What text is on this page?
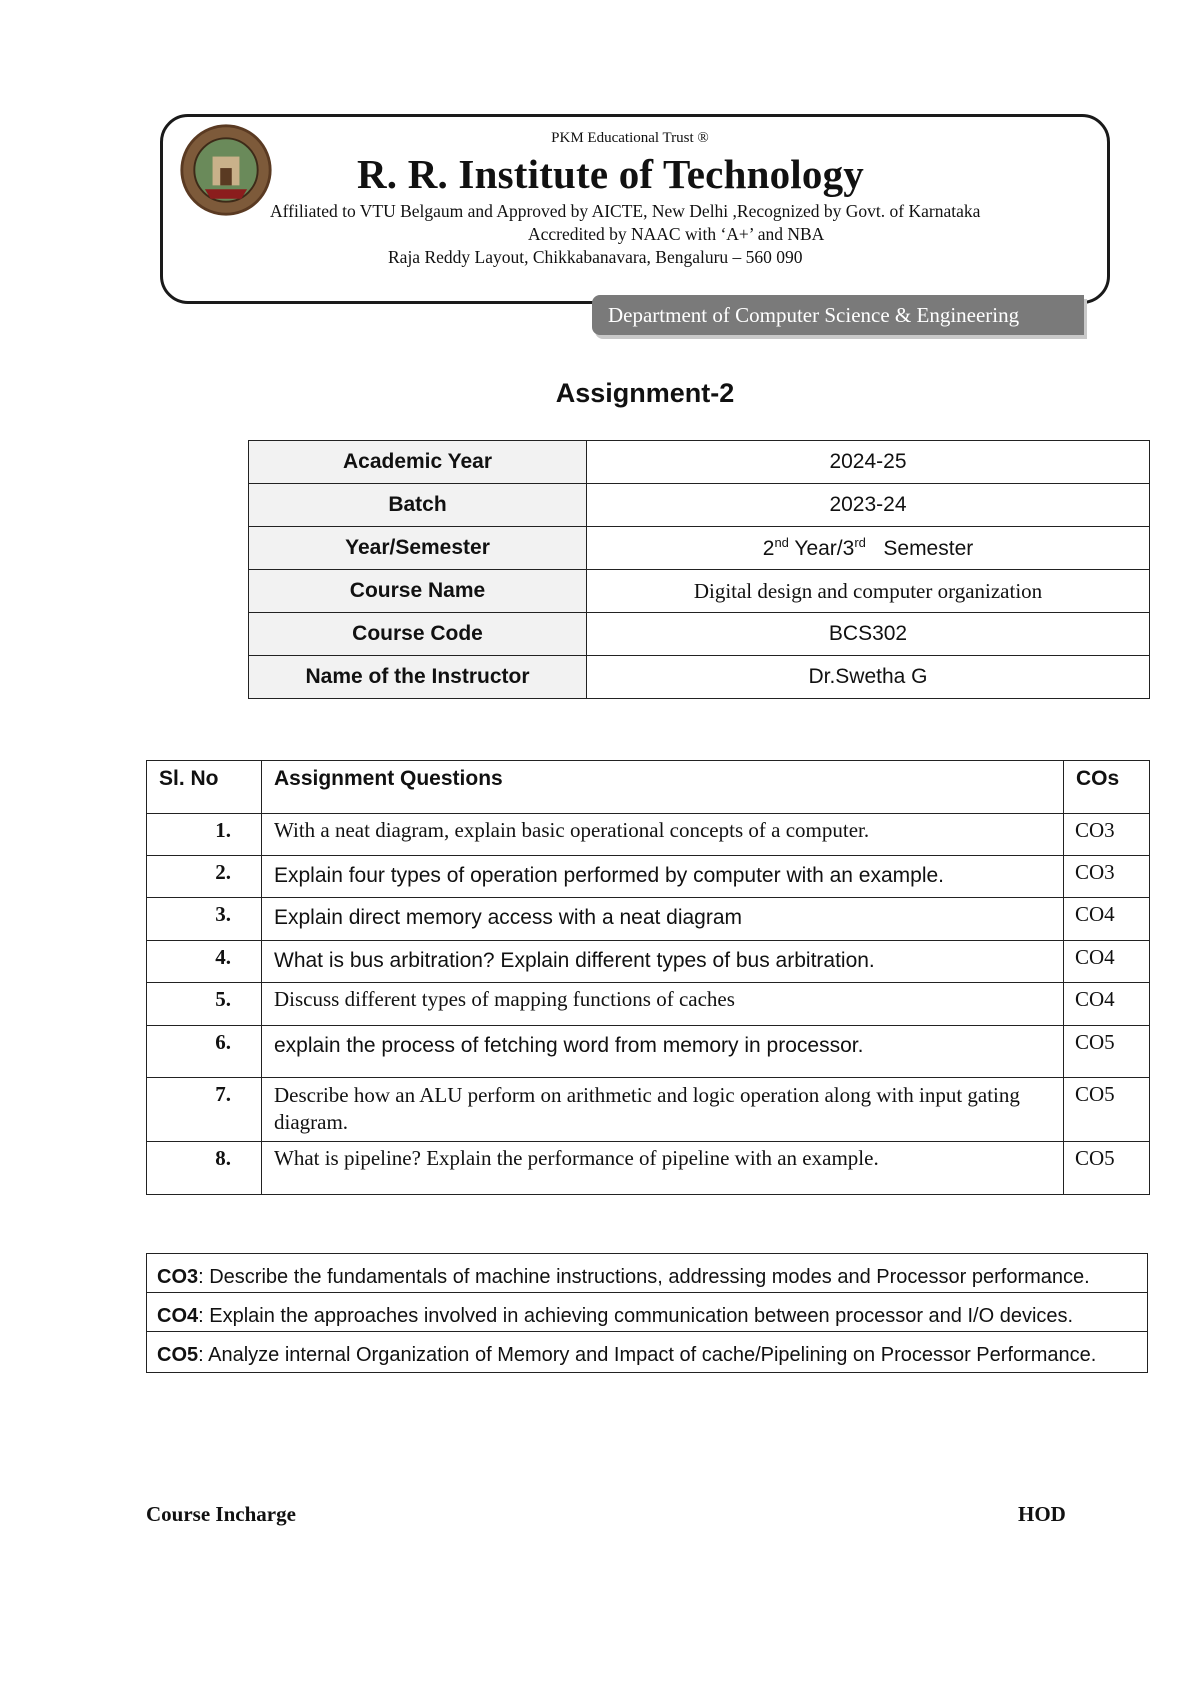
PKM Educational Trust ®
R. R. Institute of Technology
Affiliated to VTU Belgaum and Approved by AICTE, New Delhi ,Recognized by Govt. of Karnataka
Accredited by NAAC with ‘A+’ and NBA
Raja Reddy Layout, Chikkabanavara, Bengaluru – 560 090
Department of Computer Science & Engineering
Assignment-2
Academic Year	2024-25
Batch	2023-24
Year/Semester	2nd Year/3rd   Semester
Course Name	Digital design and computer organization
Course Code	BCS302
Name of the Instructor	Dr.Swetha G
Sl. No	Assignment Questions	COs
1.	With a neat diagram, explain basic operational concepts of a computer.	CO3
2.	Explain four types of operation performed by computer with an example.	CO3
3.	Explain direct memory access with a neat diagram	CO4
4.	What is bus arbitration? Explain different types of bus arbitration.	CO4
5.	Discuss different types of mapping functions of caches	CO4
6.	explain the process of fetching word from memory in processor.	CO5
7.	Describe how an ALU perform on arithmetic and logic operation along with input gating diagram.	CO5
8.	What is pipeline? Explain the performance of pipeline with an example.	CO5
CO3: Describe the fundamentals of machine instructions, addressing modes and Processor performance.
CO4: Explain the approaches involved in achieving communication between processor and I/O devices.
CO5: Analyze internal Organization of Memory and Impact of cache/Pipelining on Processor Performance.
Course Incharge	HOD
